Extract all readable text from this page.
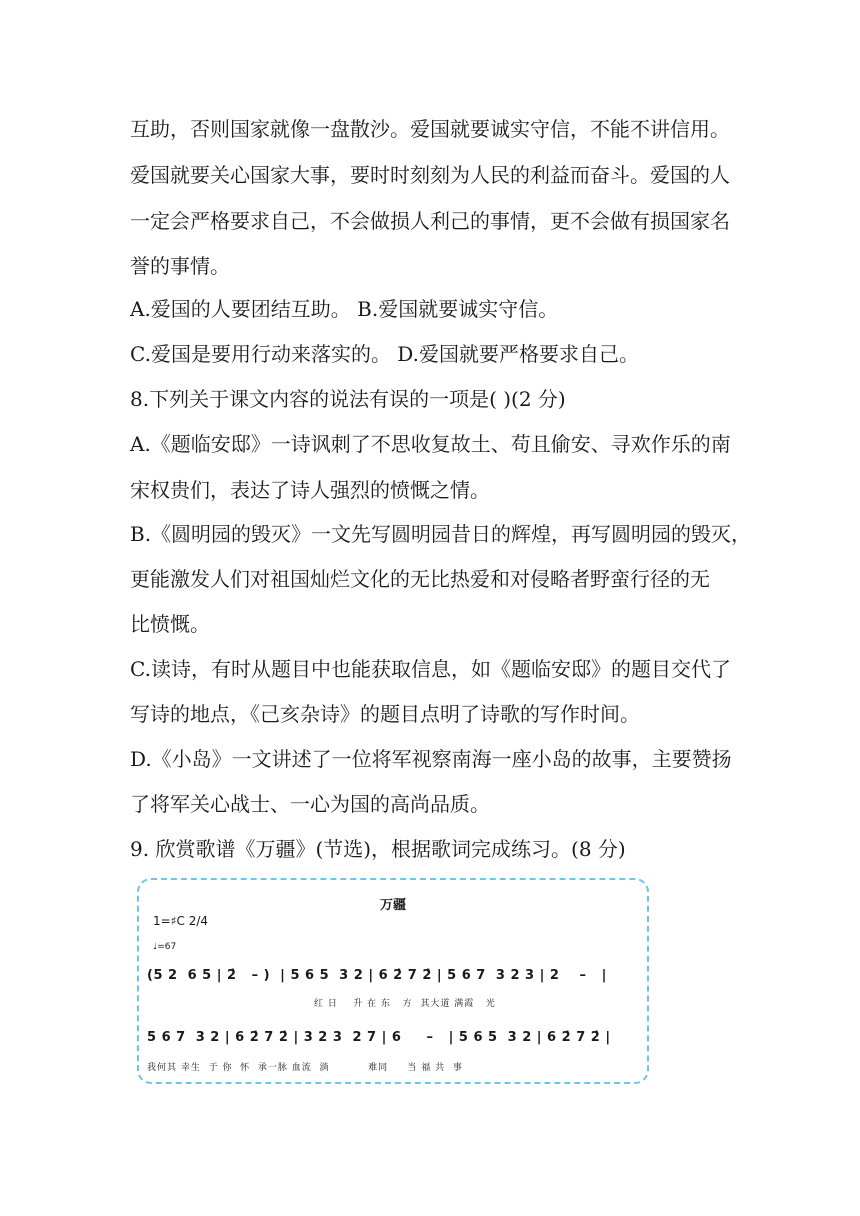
互助，否则国家就像一盘散沙。爱国就要诚实守信，不能不讲信用。
爱国就要关心国家大事，要时时刻刻为人民的利益而奋斗。爱国的人
一定会严格要求自己，不会做损人利己的事情，更不会做有损国家名
誉的事情。
A.爱国的人要团结互助。 B.爱国就要诚实守信。
C.爱国是要用行动来落实的。 D.爱国就要严格要求自己。
8.下列关于课文内容的说法有误的一项是( )(2 分)
A.《题临安邸》一诗讽刺了不思收复故土、苟且偷安、寻欢作乐的南
宋权贵们，表达了诗人强烈的愤慨之情。
B.《圆明园的毁灭》一文先写圆明园昔日的辉煌，再写圆明园的毁灭，
更能激发人们对祖国灿烂文化的无比热爱和对侵略者野蛮行径的无
比愤慨。
C.读诗，有时从题目中也能获取信息，如《题临安邸》的题目交代了
写诗的地点，《己亥杂诗》的题目点明了诗歌的写作时间。
D.《小岛》一文讲述了一位将军视察南海一座小岛的故事，主要赞扬
了将军关心战士、一心为国的高尚品质。
9. 欣赏歌谱《万疆》(节选)，根据歌词完成练习。(8 分)
万疆
1=♯C 2/4
♩=67
(5 2  6 5 | 2̇   – )  | 5 6 5  3 2 | 6 2̇ 7 2̇ | 5 6 7  3 2 3 | 2    –   |
红 日    升 在 东   方  其大道 满霞   光
5 6 7  3 2 | 6 2̇ 7 2̇ | 3 2 3  2 7 | 6     –   | 5 6 5  3 2 | 6 2̇ 7 2̇ |
我何其 幸生  于 你  怀  承一脉 血流  淌          难同     当 福 共  事
